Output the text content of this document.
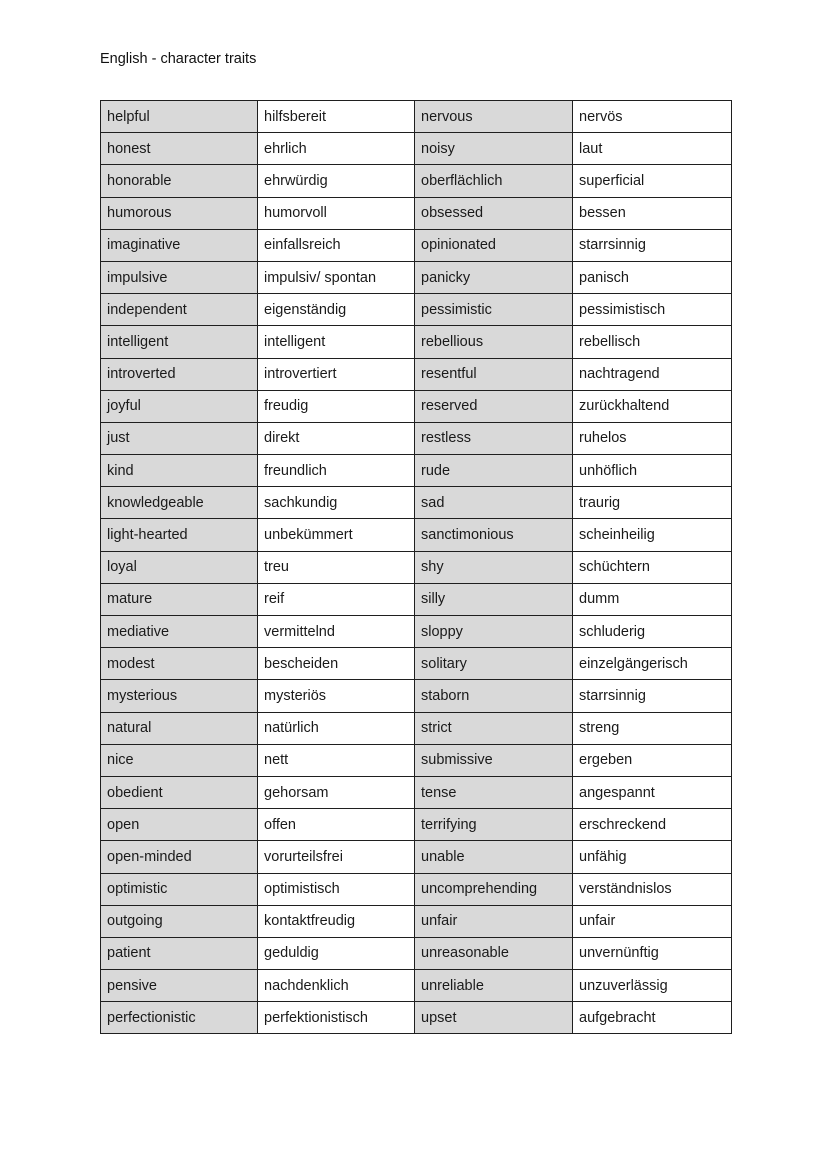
English - character traits
helpful	hilfsbereit	nervous	nervös
honest	ehrlich	noisy	laut
honorable	ehrwürdig	oberflächlich	superficial
humorous	humorvoll	obsessed	bessen
imaginative	einfallsreich	opinionated	starrsinnig
impulsive	impulsiv/ spontan	panicky	panisch
independent	eigenständig	pessimistic	pessimistisch
intelligent	intelligent	rebellious	rebellisch
introverted	introvertiert	resentful	nachtragend
joyful	freudig	reserved	zurückhaltend
just	direkt	restless	ruhelos
kind	freundlich	rude	unhöflich
knowledgeable	sachkundig	sad	traurig
light-hearted	unbekümmert	sanctimonious	scheinheilig
loyal	treu	shy	schüchtern
mature	reif	silly	dumm
mediative	vermittelnd	sloppy	schluderig
modest	bescheiden	solitary	einzelgängerisch
mysterious	mysteriös	staborn	starrsinnig
natural	natürlich	strict	streng
nice	nett	submissive	ergeben
obedient	gehorsam	tense	angespannt
open	offen	terrifying	erschreckend
open-minded	vorurteilsfrei	unable	unfähig
optimistic	optimistisch	uncomprehending	verständnislos
outgoing	kontaktfreudig	unfair	unfair
patient	geduldig	unreasonable	unvernünftig
pensive	nachdenklich	unreliable	unzuverlässig
perfectionistic	perfektionistisch	upset	aufgebracht
